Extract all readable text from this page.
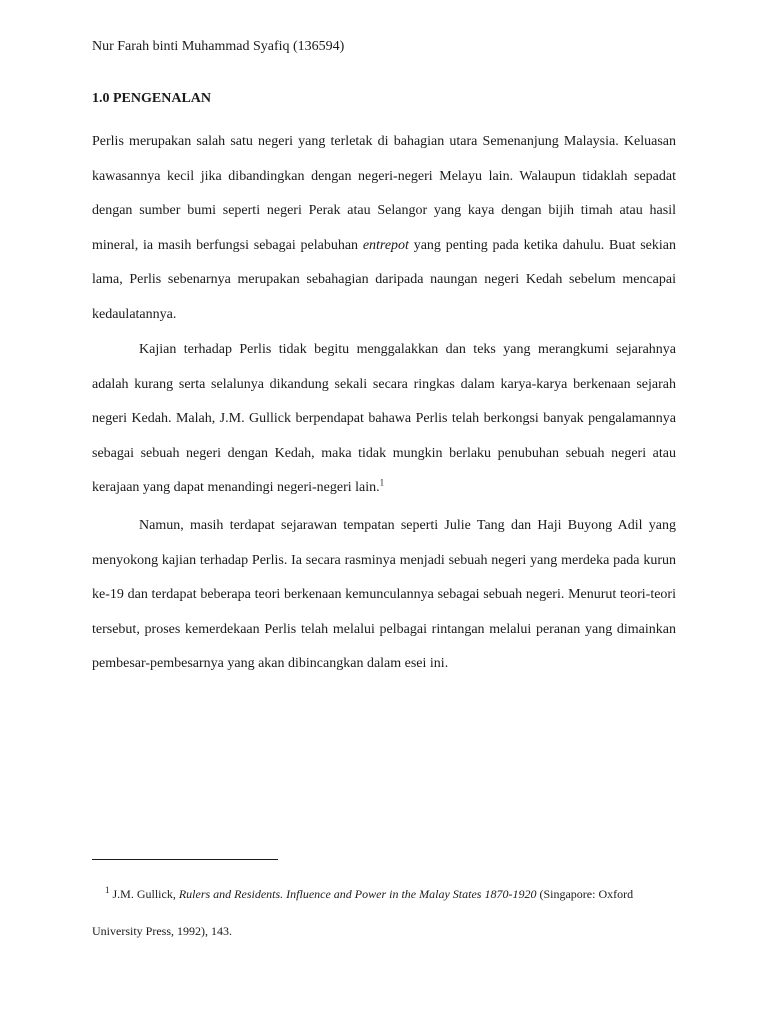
Nur Farah binti Muhammad Syafiq (136594)
1.0 PENGENALAN

Perlis merupakan salah satu negeri yang terletak di bahagian utara Semenanjung Malaysia. Keluasan kawasannya kecil jika dibandingkan dengan negeri-negeri Melayu lain. Walaupun tidaklah sepadat dengan sumber bumi seperti negeri Perak atau Selangor yang kaya dengan bijih timah atau hasil mineral, ia masih berfungsi sebagai pelabuhan entrepot yang penting pada ketika dahulu. Buat sekian lama, Perlis sebenarnya merupakan sebahagian daripada naungan negeri Kedah sebelum mencapai kedaulatannya.

Kajian terhadap Perlis tidak begitu menggalakkan dan teks yang merangkumi sejarahnya adalah kurang serta selalunya dikandung sekali secara ringkas dalam karya-karya berkenaan sejarah negeri Kedah. Malah, J.M. Gullick berpendapat bahawa Perlis telah berkongsi banyak pengalamannya sebagai sebuah negeri dengan Kedah, maka tidak mungkin berlaku penubuhan sebuah negeri atau kerajaan yang dapat menandingi negeri-negeri lain.$^1$

Namun, masih terdapat sejarawan tempatan seperti Julie Tang dan Haji Buyong Adil yang menyokong kajian terhadap Perlis. Ia secara rasminya menjadi sebuah negeri yang merdeka pada kurun ke-19 dan terdapat beberapa teori berkenaan kemunculannya sebagai sebuah negeri. Menurut teori-teori tersebut, proses kemerdekaan Perlis telah melalui pelbagai rintangan melalui peranan yang dimainkan pembesar-pembesarnya yang akan dibincangkan dalam esei ini.

$^1$ J.M. Gullick, Rulers and Residents. Influence and Power in the Malay States 1870-1920 (Singapore: Oxford University Press, 1992), 143.
